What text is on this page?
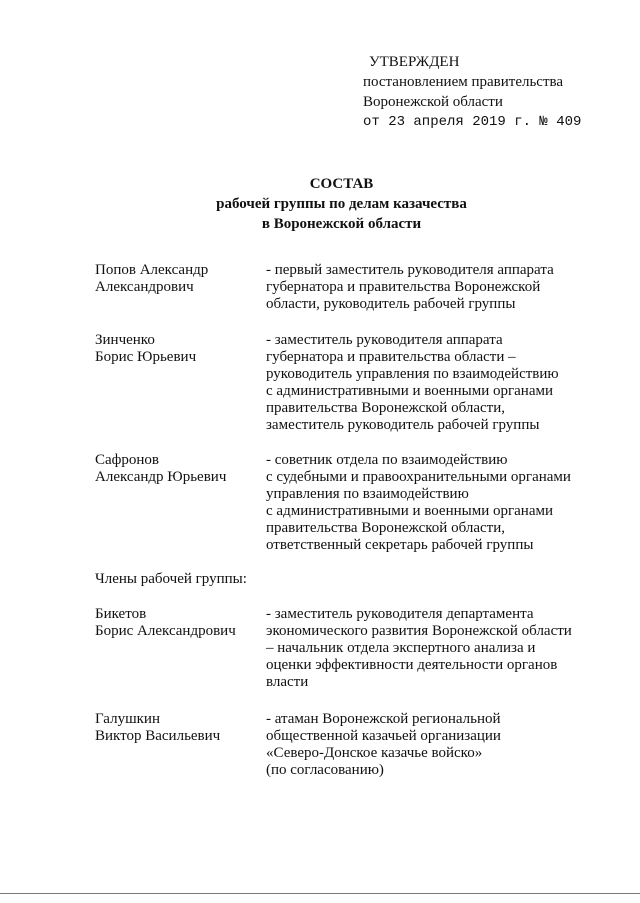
УТВЕРЖДЕН
постановлением правительства
Воронежской области
от 23 апреля 2019 г. № 409
СОСТАВ
рабочей группы по делам казачества
в Воронежской области
Попов Александр
Александрович
- первый заместитель руководителя аппарата
губернатора и правительства Воронежской
области, руководитель рабочей группы
Зинченко
Борис Юрьевич
- заместитель руководителя аппарата
губернатора и правительства области –
руководитель управления по взаимодействию
с административными и военными органами
правительства Воронежской области,
заместитель руководитель рабочей группы
Сафронов
Александр Юрьевич
- советник отдела по взаимодействию
с судебными и правоохранительными органами
управления по взаимодействию
с административными и военными органами
правительства Воронежской области,
ответственный секретарь рабочей группы
Члены рабочей группы:
Бикетов
Борис Александрович
- заместитель руководителя департамента
экономического развития Воронежской области
– начальник отдела экспертного анализа и
оценки эффективности деятельности органов
власти
Галушкин
Виктор Васильевич
- атаман Воронежской региональной
общественной казачьей организации
«Северо-Донское казачье войско»
(по согласованию)
